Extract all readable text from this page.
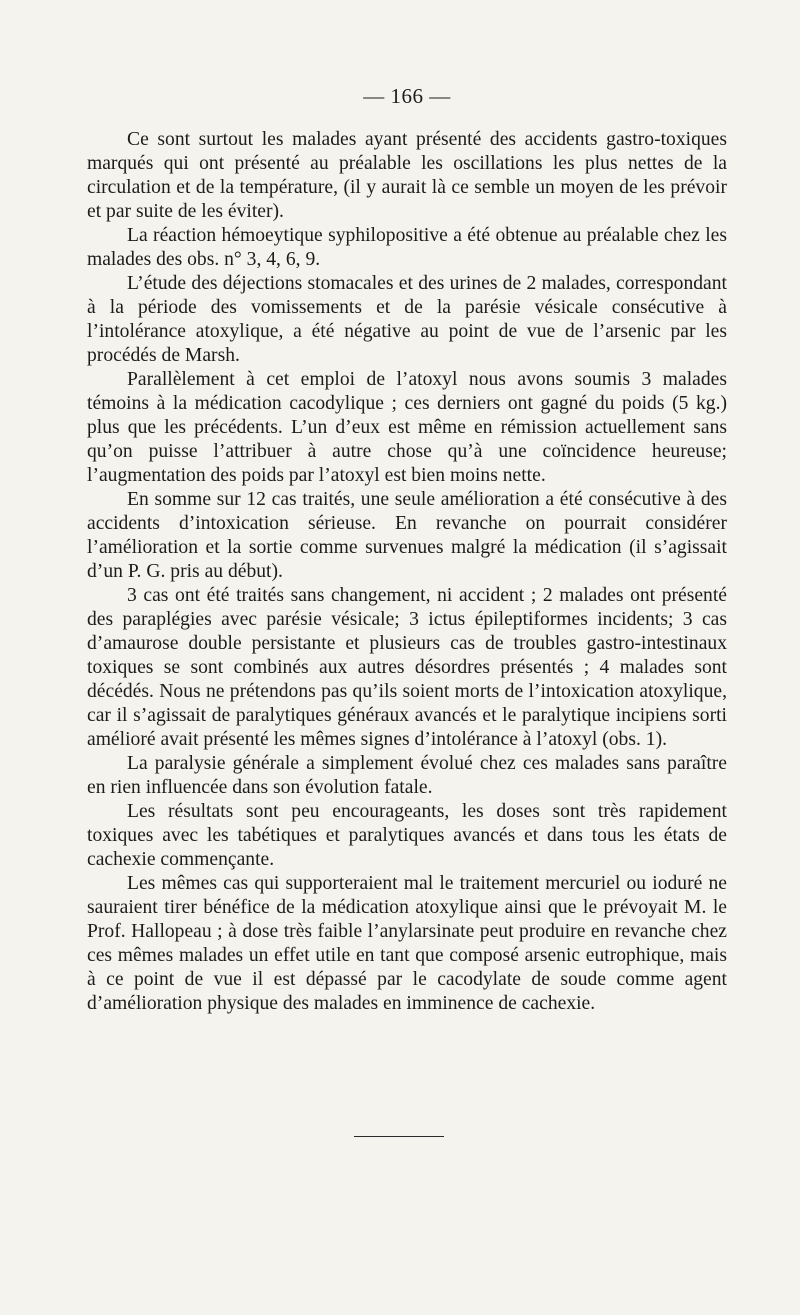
— 166 —

Ce sont surtout les malades ayant présenté des accidents gastro-toxiques marqués qui ont présenté au préalable les oscillations les plus nettes de la circulation et de la température, (il y aurait là ce semble un moyen de les prévoir et par suite de les éviter).

La réaction hémoeytique syphilopositive a été obtenue au préalable chez les malades des obs. n° 3, 4, 6, 9.

L’étude des déjections stomacales et des urines de 2 malades, correspondant à la période des vomissements et de la parésie vésicale consécutive à l’intolérance atoxylique, a été négative au point de vue de l’arsenic par les procédés de Marsh.

Parallèlement à cet emploi de l’atoxyl nous avons soumis 3 malades témoins à la médication cacodylique ; ces derniers ont gagné du poids (5 kg.) plus que les précédents. L’un d’eux est même en rémission actuellement sans qu’on puisse l’attribuer à autre chose qu’à une coïncidence heureuse; l’augmentation des poids par l’atoxyl est bien moins nette.

En somme sur 12 cas traités, une seule amélioration a été consécutive à des accidents d’intoxication sérieuse. En revanche on pourrait considérer l’amélioration et la sortie comme survenues malgré la médication (il s’agissait d’un P. G. pris au début).

3 cas ont été traités sans changement, ni accident ; 2 malades ont présenté des paraplégies avec parésie vésicale; 3 ictus épileptiformes incidents; 3 cas d’amaurose double persistante et plusieurs cas de troubles gastro-intestinaux toxiques se sont combinés aux autres désordres présentés ; 4 malades sont décédés. Nous ne prétendons pas qu’ils soient morts de l’intoxication atoxylique, car il s’agissait de paralytiques généraux avancés et le paralytique incipiens sorti amélioré avait présenté les mêmes signes d’intolérance à l’atoxyl (obs. 1).

La paralysie générale a simplement évolué chez ces malades sans paraître en rien influencée dans son évolution fatale.

Les résultats sont peu encourageants, les doses sont très rapidement toxiques avec les tabétiques et paralytiques avancés et dans tous les états de cachexie commençante.

Les mêmes cas qui supporteraient mal le traitement mercuriel ou ioduré ne sauraient tirer bénéfice de la médication atoxylique ainsi que le prévoyait M. le Prof. Hallopeau ; à dose très faible l’anylarsinate peut produire en revanche chez ces mêmes malades un effet utile en tant que composé arsenic eutrophique, mais à ce point de vue il est dépassé par le cacodylate de soude comme agent d’amélioration physique des malades en imminence de cachexie.
